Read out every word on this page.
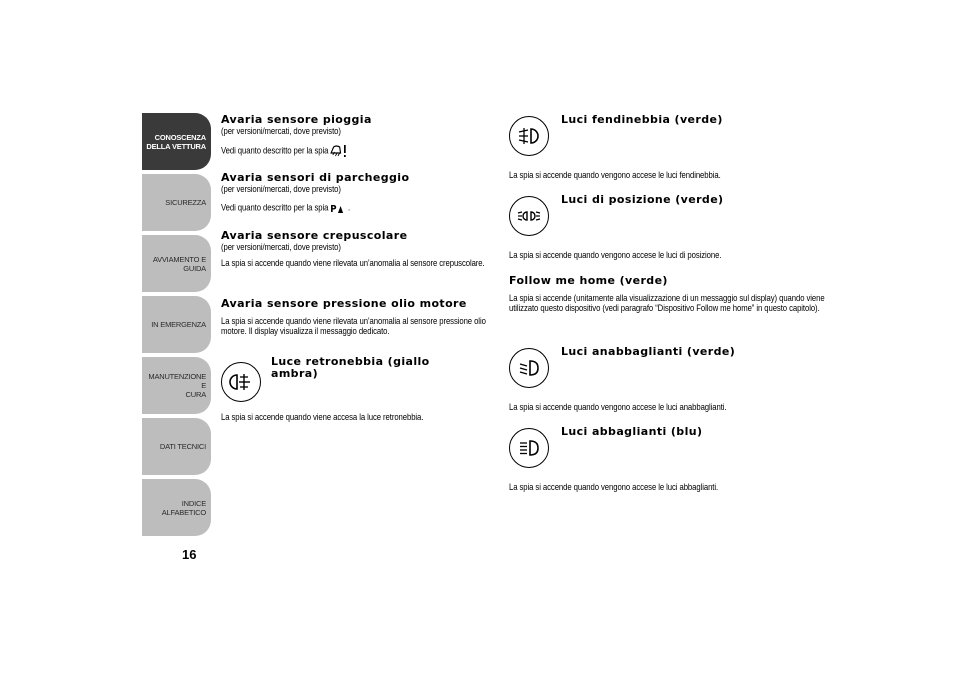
CONOSCENZA
DELLA VETTURA
SICUREZZA
AVVIAMENTO E
GUIDA
IN EMERGENZA
MANUTENZIONE E
CURA
DATI TECNICI
INDICE ALFABETICO
16
Avaria sensore pioggia

(per versioni/mercati, dove previsto)

Vedi quanto descritto per la spia

Avaria sensori di parcheggio

(per versioni/mercati, dove previsto)

Vedi quanto descritto per la spia P .

Avaria sensore crepuscolare

(per versioni/mercati, dove previsto)

La spia si accende quando viene rilevata un’anomalia al sensore crepuscolare.

Avaria sensore pressione olio motore

La spia si accende quando viene rilevata un’anomalia al sensore pressione olio motore. Il display visualizza il messaggio dedicato.

Luce retronebbia (giallo ambra)

La spia si accende quando viene accesa la luce retronebbia.

Luci fendinebbia (verde)

La spia si accende quando vengono accese le luci fendinebbia.

Luci di posizione (verde)

La spia si accende quando vengono accese le luci di posizione.

Follow me home (verde)

La spia si accende (unitamente alla visualizzazione di un messaggio sul display) quando viene utilizzato questo dispositivo (vedi paragrafo “Dispositivo Follow me home” in questo capitolo).

Luci anabbaglianti (verde)

La spia si accende quando vengono accese le luci anabbaglianti.

Luci abbaglianti (blu)

La spia si accende quando vengono accese le luci abbaglianti.
